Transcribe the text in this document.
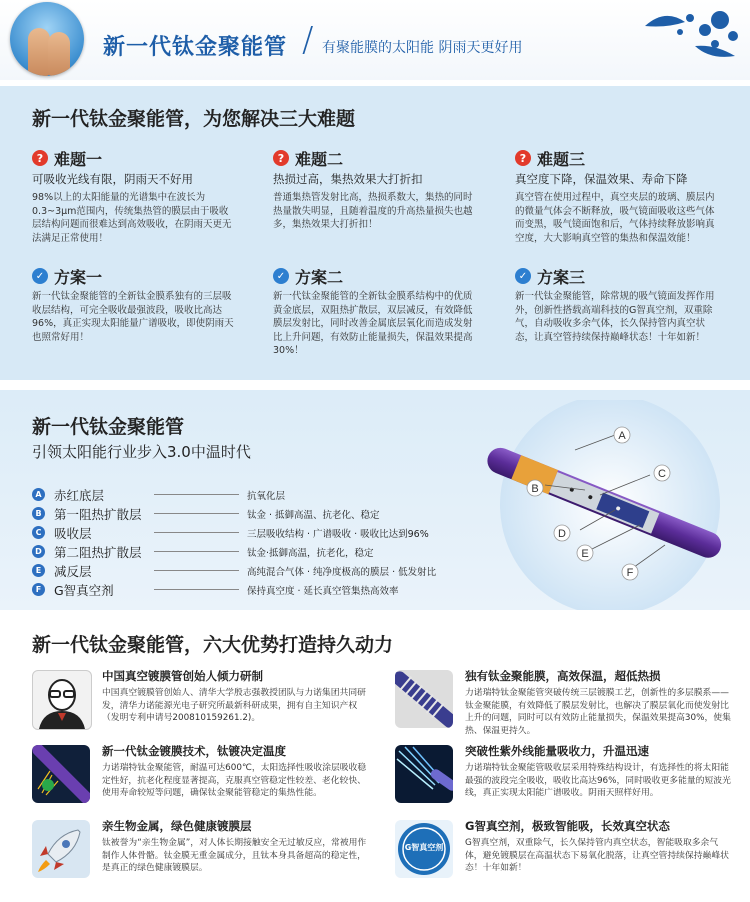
新一代钛金聚能管 / 有聚能膜的太阳能 阴雨天更好用
新一代钛金聚能管，为您解决三大难题
? 难题一
可吸收光线有限，阴雨天不好用
98%以上的太阳能量的光谱集中在波长为0.3~3μm范围内，传统集热管的膜层由于吸收层结构问题而很难达到高效吸收，在阴雨天更无法满足正常使用！
? 难题二
热损过高，集热效果大打折扣
普通集热管发射比高，热损系数大，集热的同时热量散失明显，且随着温度的升高热量损失也越多，集热效果大打折扣！
? 难题三
真空度下降，保温效果、寿命下降
真空管在使用过程中，真空夹层的玻璃、膜层内的微量气体会不断释放，吸气镜面吸收这些气体而变黑，吸气镜面饱和后，气体持续释放影响真空度，大大影响真空管的集热和保温效能！
✓ 方案一
新一代钛金聚能管的全新钛金膜系独有的三层吸收层结构，可完全吸收最强波段，吸收比高达96%，真正实现太阳能量广谱吸收，即使阴雨天也照常好用！
✓ 方案二
新一代钛金聚能管的全新钛金膜系结构中的优质黄金底层，双阻热扩散层，双层减反，有效降低膜层发射比，同时改善金属底层氧化而造成发射比上升问题，有效防止能量损失，保温效果提高30%！
✓ 方案三
新一代钛金聚能管，除常规的吸气镜面发挥作用外，创新性搭载高端科技的G智真空剂，双重除气，自动吸收多余气体，长久保持管内真空状态，让真空管持续保持巅峰状态！十年如新！
新一代钛金聚能管
引领太阳能行业步入3.0中温时代
A 赤红底层	抗氧化层
B 第一阻热扩散层	钛金 · 抵御高温、抗老化、稳定
C 吸收层	三层吸收结构 · 广谱吸收 · 吸收比达到96%
D 第二阻热扩散层	钛金·抵御高温，抗老化，稳定
E	减反层	高纯混合气体 · 纯净度极高的膜层 · 低发射比
F	G智真空剂	保持真空度 · 延长真空管集热高效率
A
B
C
D
E
F
新一代钛金聚能管，六大优势打造持久动力
中国真空镀膜管创始人倾力研制
中国真空镀膜管创始人、清华大学殷志强教授团队与力诺集团共同研发，清华力诺能源光电子研究所最新科研成果，拥有自主知识产权（发明专利申请号200810159261.2)。
独有钛金聚能膜，高效保温，超低热损
力诺瑞特钛金聚能管突破传统三层镀膜工艺，创新性的多层膜系——钛金聚能膜，有效降低了膜层发射比，也解决了膜层氧化而使发射比上升的问题，同时可以有效防止能量损失，保温效果提高30%，使集热、保温更持久。
新一代钛金镀膜技术，钛镀决定温度
力诺瑞特钛金聚能管，耐温可达600℃，太阳选择性吸收涂层吸收稳定性好，抗老化程度显著提高，克服真空管稳定性较差、老化较快、使用寿命较短等问题，确保钛金聚能管稳定的集热性能。
突破性紫外线能量吸收力，升温迅速
力诺瑞特钛金聚能管吸收层采用特殊结构设计，有选择性的将太阳能最强的波段完全吸收，吸收比高达96%，同时吸收更多能量的短波光线，真正实现太阳能广谱吸收。阴雨天照样好用。
亲生物金属，绿色健康镀膜层
钛被誉为“亲生物金属”，对人体长期接触安全无过敏反应，常被用作制作人体骨骼。钛金膜无重金属成分，且钛本身具备超高的稳定性，是真正的绿色健康镀膜层。
G智真空剂
G智真空剂，极致智能吸，长效真空状态
G智真空剂，双重除气，长久保持管内真空状态，智能吸取多余气体，避免镀膜层在高温状态下易氧化脱落，让真空管持续保持巅峰状态！十年如新！
